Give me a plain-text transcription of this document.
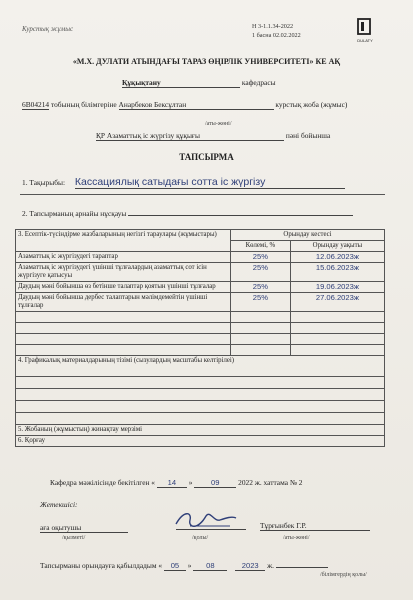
Курстық жұмыс	Н 3-1.1.34-2022
1 басна 02.02.2022
DULATY
«М.Х. ДУЛАТИ АТЫНДАҒЫ ТАРАЗ ӨҢІРЛІК УНИВЕРСИТЕТІ» КЕ АҚ
Құқықтану	кафедрасы
6В04214 тобының білімгеріне Анарбеков Бексұлтан	курстық жоба (жұмыс)
/аты-жөні/
ҚР Азаматтық іс жүргізу құқығы	пәні бойынша
ТАПСЫРМА
1. Тақырыбы: Кассациялық сатыдағы сотта іс жүргізу
2. Тапсырманың арнайы нұсқауы
3. Есептік-түсіндірме жазбаларының негізгі тараулары (жұмыстары)	Орындау кестесі	
	Көлемі, %	Орындау уақыты
Азаматтық іс жүргізудегі тараптар	25%	12.06.2023ж
Азаматтық іс жүргізудегі үшінші тұлғалардың азаматтық сот ісін жүргізуге қатысуы	25%	15.06.2023ж
Даудың мәні бойынша өз бетінше талаптар қоятын үшінші тұлғалар	25%	19.06.2023ж
Даудың мәні бойынша дербес талаптарын мәлімдемейтін үшінші тұлғалар	25%	27.06.2023ж

4. Графикалық материалдарының тізімі (сызулардың масштабы келтірілеі)		

5. Жобаның (жұмыстың) жинақтау мерзімі		
6. Қорғау		
Кафедра мәжілісінде бекітілген « 14 » 09	2022 ж. хаттама № 2
Жетекшісі:
аға оқытушы
/қызметі/	/қолы/
Тұрғынбек Г.Р.
/аты-жөні/
Тапсырманы орындауға қабылдадым « 05 » 08	2023 ж.
/білімгердің қолы/
